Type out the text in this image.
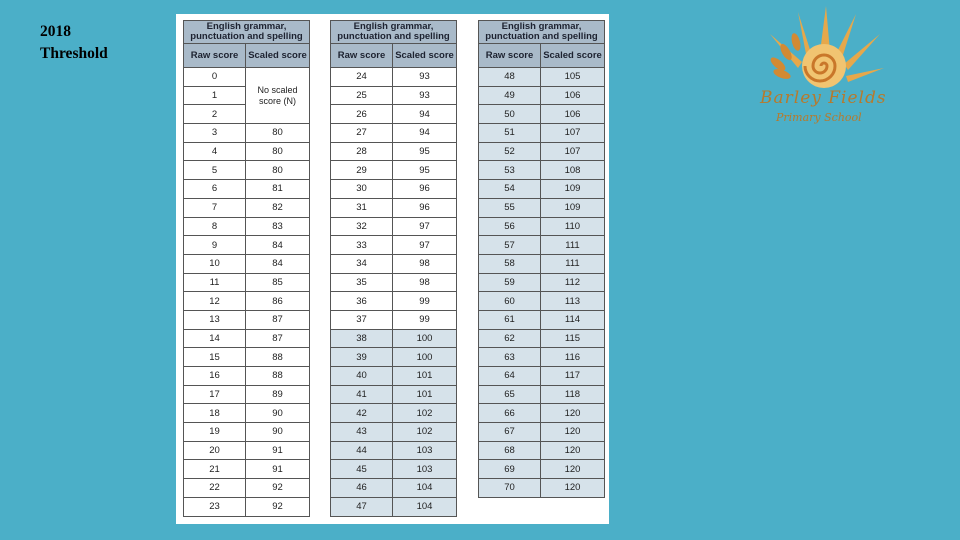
2018
Threshold
English grammar, punctuation and spelling	
Raw score	Scaled score
0	No scaled score (N)
1	
2	
3	80
4	80
5	80
6	81
7	82
8	83
9	84
10	84
11	85
12	86
13	87
14	87
15	88
16	88
17	89
18	90
19	90
20	91
21	91
22	92
23	92
English grammar, punctuation and spelling	
Raw score	Scaled score
24	93
25	93
26	94
27	94
28	95
29	95
30	96
31	96
32	97
33	97
34	98
35	98
36	99
37	99
38	100
39	100
40	101
41	101
42	102
43	102
44	103
45	103
46	104
47	104
English grammar, punctuation and spelling	
Raw score	Scaled score
48	105
49	106
50	106
51	107
52	107
53	108
54	109
55	109
56	110
57	111
58	111
59	112
60	113
61	114
62	115
63	116
64	117
65	118
66	120
67	120
68	120
69	120
70	120
Barley Fields
Primary School
